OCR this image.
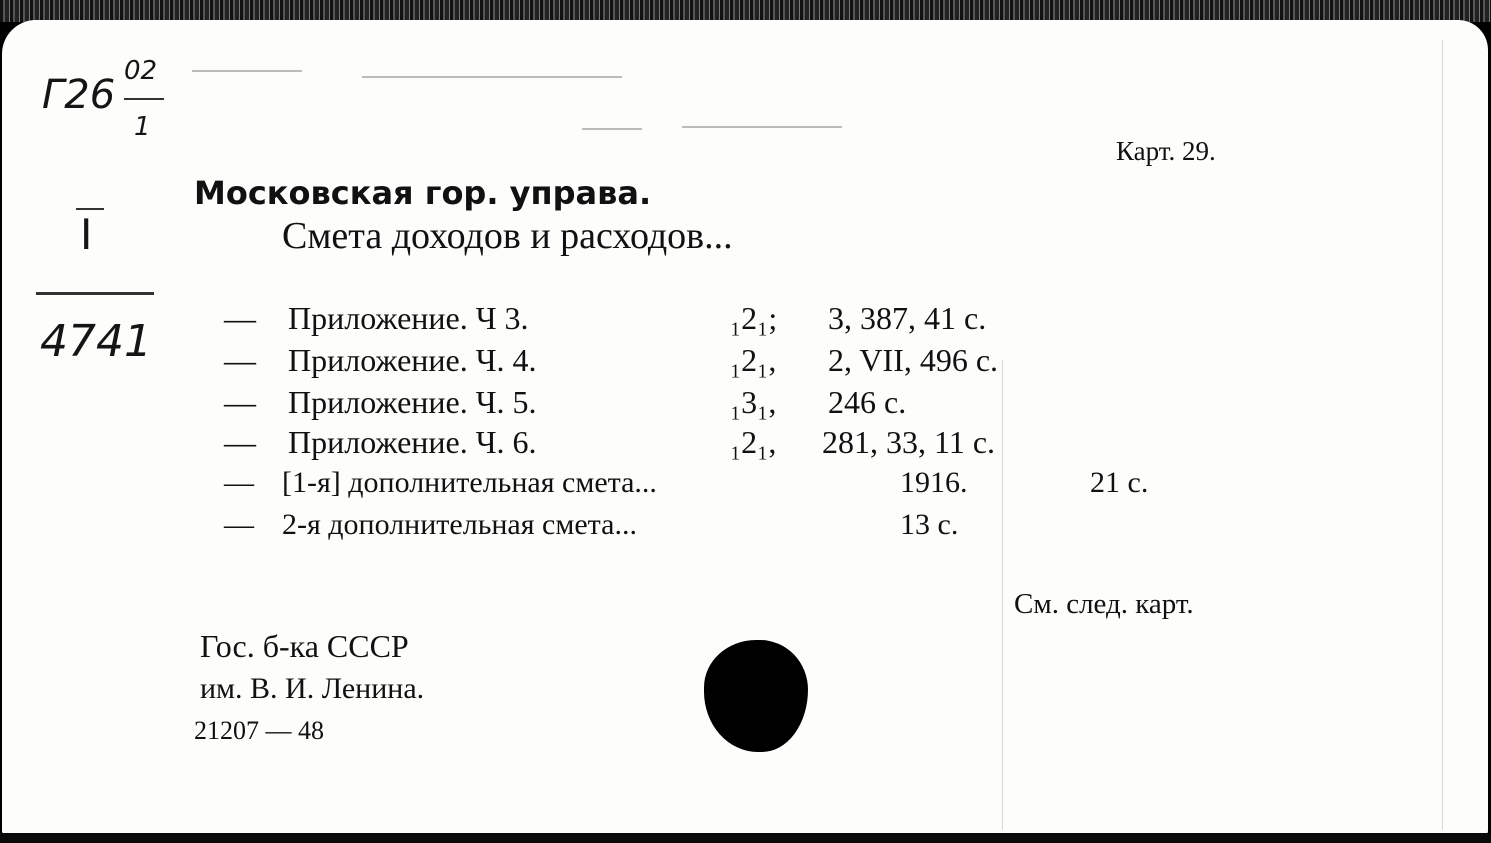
Г26
02
1
I
4741
Карт. 29.
Московская гор. управа.
Смета доходов и расходов...
— Приложение. Ч 3.	₁2₁; 3, 387, 41 с.
— Приложение. Ч. 4.	₁2₁, 2, VII, 496 с.
— Приложение. Ч. 5.	₁3₁, 246 с.
— Приложение. Ч. 6.	₁2₁, 281, 33, 11 с.
— [1-я] дополнительная смета...	1916.	21 с.
— 2-я дополнительная смета...	13 с.
См. след. карт.
Гос. б-ка СССР
им. В. И. Ленина.
21207 — 48
